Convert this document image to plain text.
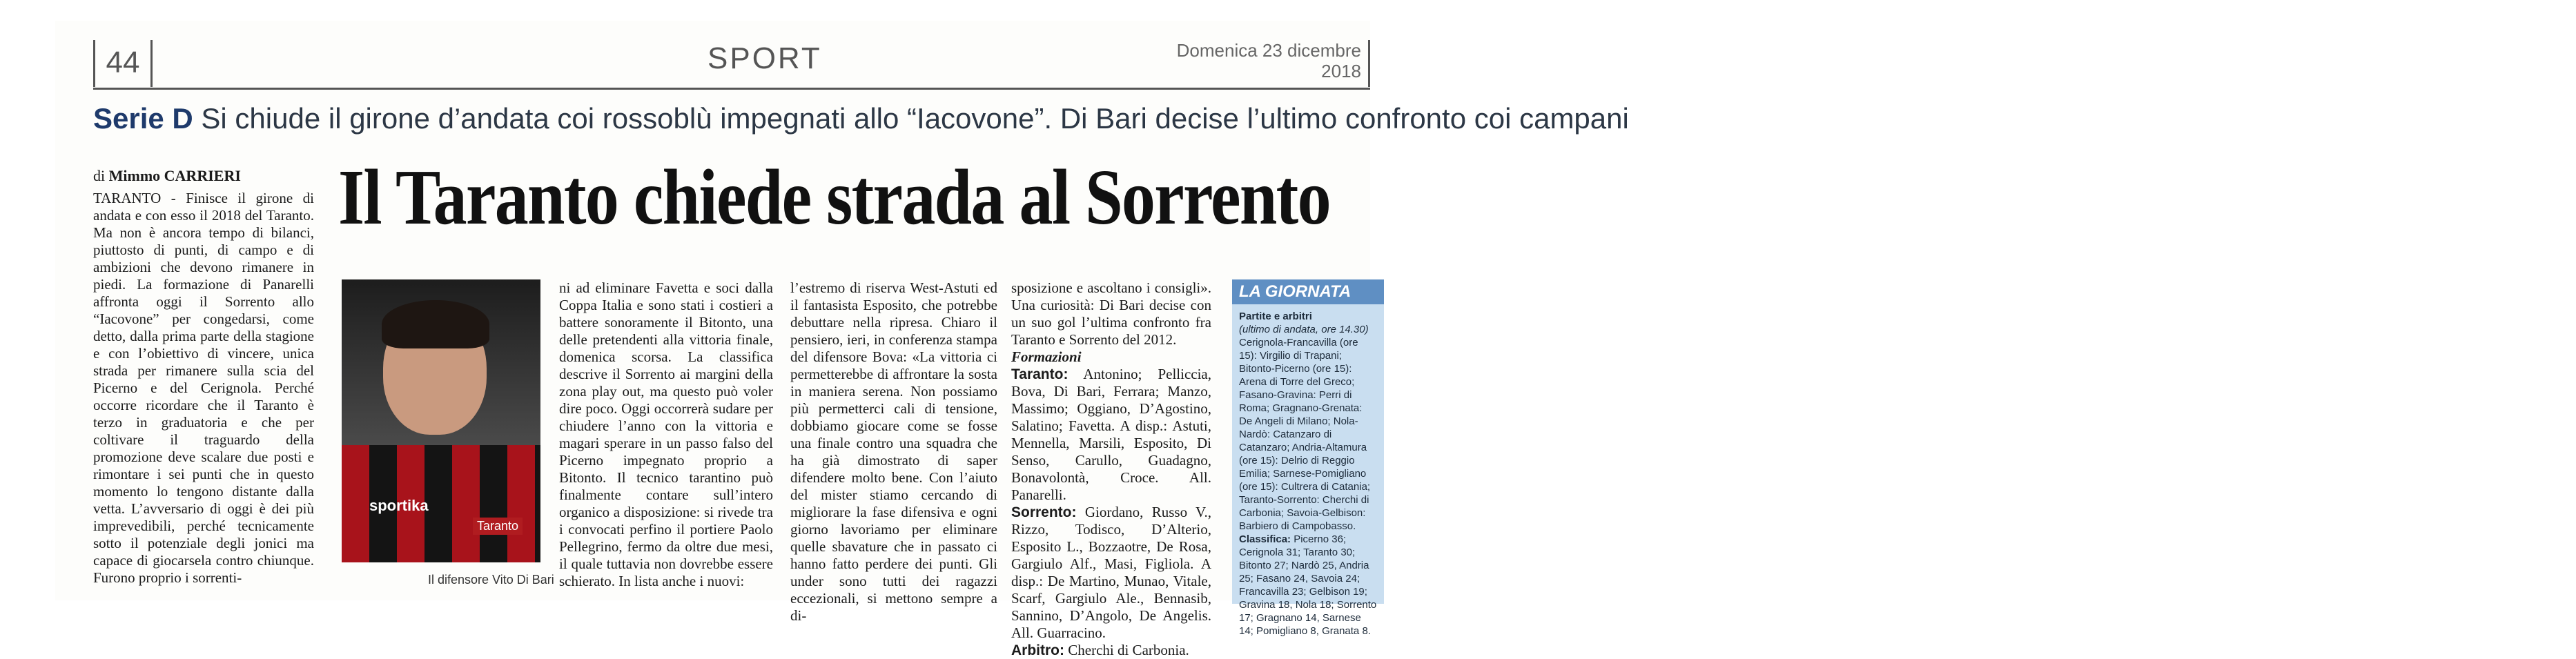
44	SPORT	Domenica 23 dicembre
2018
Serie D Si chiude il girone d’andata coi rossoblù impegnati allo “Iacovone”. Di Bari decise l’ultimo confronto coi campani
di Mimmo CARRIERI Il Taranto chiede strada al Sorrento

TARANTO - Finisce il girone di andata e con esso il 2018 del Taranto. Ma non è ancora tempo di bilanci, piuttosto di punti, di campo e di ambizioni che devono rimanere in piedi. La formazione di Panarelli affronta oggi il Sorrento allo “Iacovone” per congedarsi, come detto, dalla prima parte della stagione e con l’obiettivo di vincere, unica strada per rimanere sulla scia del Picerno e del Cerignola. Perché occorre ricordare che il Taranto è terzo in graduatoria e che per coltivare il traguardo della promozione deve scalare due posti e rimontare i sei punti che in questo momento lo tengono distante dalla vetta. L’avversario di oggi è dei più imprevedibili, perché tecnicamente sotto il potenziale degli jonici ma capace di giocarsela contro chiunque. Furono proprio i sorrenti-

sportika
Taranto
Il difensore Vito Di Bari

ni ad eliminare Favetta e soci dalla Coppa Italia e sono stati i costieri a battere sonoramente il Bitonto, una delle pretendenti alla vittoria finale, domenica scorsa. La classifica descrive il Sorrento ai margini della zona play out, ma questo può voler dire poco. Oggi occorrerà sudare per chiudere l’anno con la vittoria e magari sperare in un passo falso del Picerno impegnato proprio a Bitonto. Il tecnico tarantino può finalmente contare sull’intero organico a disposizione: si rivede tra i convocati perfino il portiere Paolo Pellegrino, fermo da oltre due mesi, il quale tuttavia non dovrebbe essere schierato. In lista anche i nuovi:

l’estremo di riserva West-Astuti ed il fantasista Esposito, che potrebbe debuttare nella ripresa. Chiaro il pensiero, ieri, in conferenza stampa del difensore Bova: «La vittoria ci permetterebbe di affrontare la sosta in maniera serena. Non possiamo più permetterci cali di tensione, dobbiamo giocare come se fosse una finale contro una squadra che ha già dimostrato di saper difendere molto bene. Con l’aiuto del mister stiamo cercando di migliorare la fase difensiva e ogni giorno lavoriamo per eliminare quelle sbavature che in passato ci hanno fatto perdere dei punti. Gli under sono tutti dei ragazzi eccezionali, si mettono sempre a di-

sposizione e ascoltano i consigli». Una curiosità: Di Bari decise con un suo gol l’ultima confronto fra Taranto e Sorrento del 2012.

Formazioni

Taranto: Antonino; Pelliccia, Bova, Di Bari, Ferrara; Manzo, Massimo; Oggiano, D’Agostino, Salatino; Favetta. A disp.: Astuti, Mennella, Marsili, Esposito, Di Senso, Carullo, Guadagno, Bonavolontà, Croce. All. Panarelli.

Sorrento: Giordano, Russo V., Rizzo, Todisco, D’Alterio, Esposito L., Bozzaotre, De Rosa, Gargiulo Alf., Masi, Figliola. A disp.: De Martino, Munao, Vitale, Scarf, Gargiulo Ale., Bennasib, Sannino, D’Angolo, De Angelis. All. Guarracino.

Arbitro: Cherchi di Carbonia.

LA GIORNATA
Partite e arbitri
(ultimo di andata, ore 14.30)
Cerignola-Francavilla (ore 15): Virgilio di Trapani; Bitonto-Picerno (ore 15): Arena di Torre del Greco; Fasano-Gravina: Perri di Roma; Gragnano-Grenata: De Angeli di Milano; Nola-Nardò: Catanzaro di Catanzaro; Andria-Altamura (ore 15): Delrio di Reggio Emilia; Sarnese-Pomigliano (ore 15): Cultrera di Catania; Taranto-Sorrento: Cherchi di Carbonia; Savoia-Gelbison: Barbiero di Campobasso.
Classifica: Picerno 36; Cerignola 31; Taranto 30; Bitonto 27; Nardò 25, Andria 25; Fasano 24, Savoia 24; Francavilla 23; Gelbison 19; Gravina 18, Nola 18; Sorrento 17; Gragnano 14, Sarnese 14; Pomigliano 8, Granata 8.
